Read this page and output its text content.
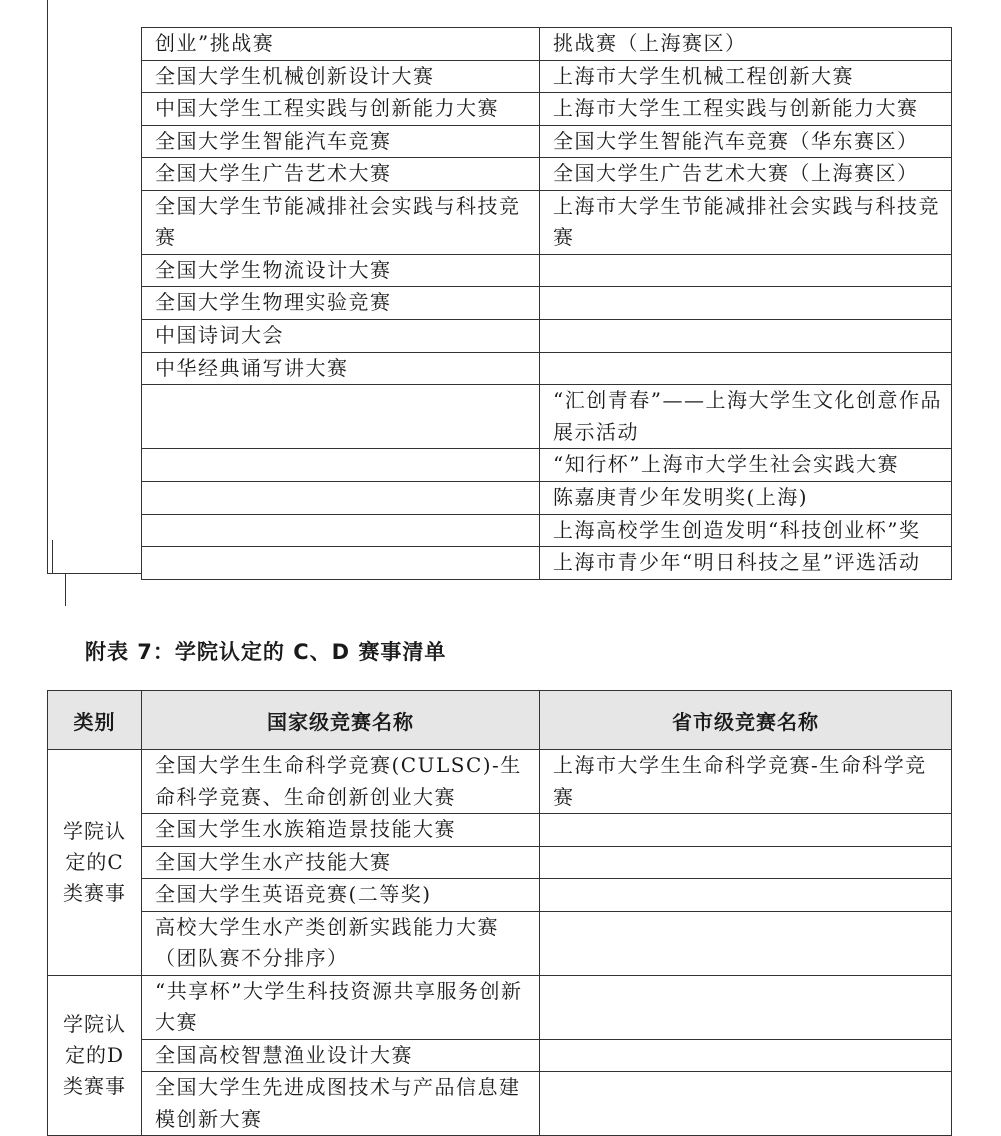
创业”挑战赛	挑战赛（上海赛区）
全国大学生机械创新设计大赛	上海市大学生机械工程创新大赛
中国大学生工程实践与创新能力大赛	上海市大学生工程实践与创新能力大赛
全国大学生智能汽车竞赛	全国大学生智能汽车竞赛（华东赛区）
全国大学生广告艺术大赛	全国大学生广告艺术大赛（上海赛区）
全国大学生节能减排社会实践与科技竞赛	上海市大学生节能减排社会实践与科技竞赛
全国大学生物流设计大赛	
全国大学生物理实验竞赛	
中国诗词大会	
中华经典诵写讲大赛	
	“汇创青春”——上海大学生文化创意作品展示活动
	“知行杯”上海市大学生社会实践大赛
	陈嘉庚青少年发明奖(上海)
	上海高校学生创造发明“科技创业杯”奖
	上海市青少年“明日科技之星”评选活动
附表 7：学院认定的 C、D 赛事清单
类别	国家级竞赛名称	省市级竞赛名称
学院认定的C类赛事	全国大学生生命科学竞赛(CULSC)-生命科学竞赛、生命创新创业大赛	上海市大学生生命科学竞赛-生命科学竞赛
	全国大学生水族箱造景技能大赛	
	全国大学生水产技能大赛	
	全国大学生英语竞赛(二等奖)	
	高校大学生水产类创新实践能力大赛（团队赛不分排序）	
学院认定的D类赛事	“共享杯”大学生科技资源共享服务创新大赛	
	全国高校智慧渔业设计大赛	
	全国大学生先进成图技术与产品信息建模创新大赛	
